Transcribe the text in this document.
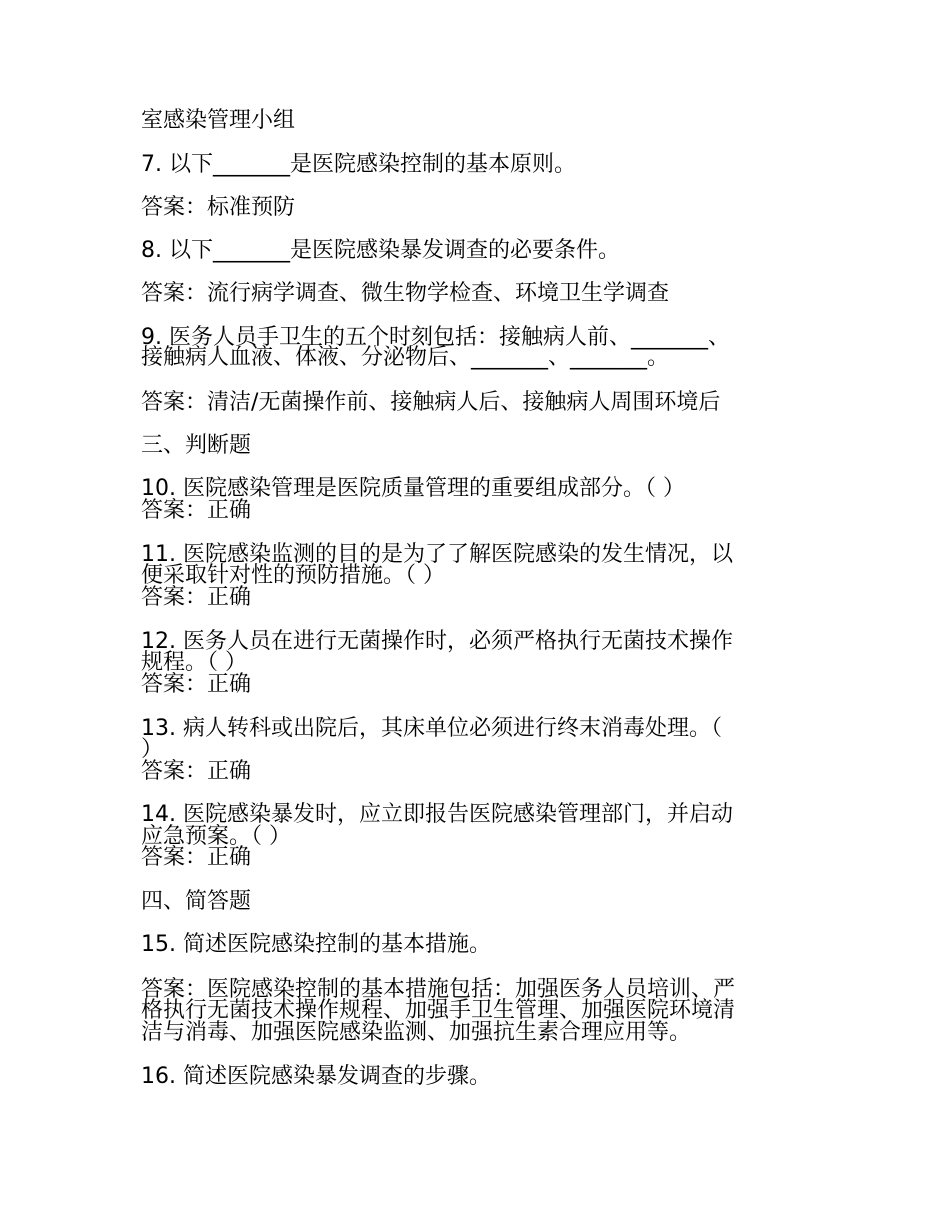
室感染管理小组

7. 以下_______是医院感染控制的基本原则。

答案：标准预防

8. 以下_______是医院感染暴发调查的必要条件。

答案：流行病学调查、微生物学检查、环境卫生学调查

9. 医务人员手卫生的五个时刻包括：接触病人前、_______、

接触病人血液、体液、分泌物后、_______、_______。

答案：清洁/无菌操作前、接触病人后、接触病人周围环境后

三、判断题

10. 医院感染管理是医院质量管理的重要组成部分。（ ）

答案：正确

11. 医院感染监测的目的是为了了解医院感染的发生情况，以

便采取针对性的预防措施。（ ）

答案：正确

12. 医务人员在进行无菌操作时，必须严格执行无菌技术操作

规程。（ ）

答案：正确

13. 病人转科或出院后，其床单位必须进行终末消毒处理。（

）

答案：正确

14. 医院感染暴发时，应立即报告医院感染管理部门，并启动

应急预案。（ ）

答案：正确

四、简答题

15. 简述医院感染控制的基本措施。

答案：医院感染控制的基本措施包括：加强医务人员培训、严

格执行无菌技术操作规程、加强手卫生管理、加强医院环境清

洁与消毒、加强医院感染监测、加强抗生素合理应用等。

16. 简述医院感染暴发调查的步骤。
